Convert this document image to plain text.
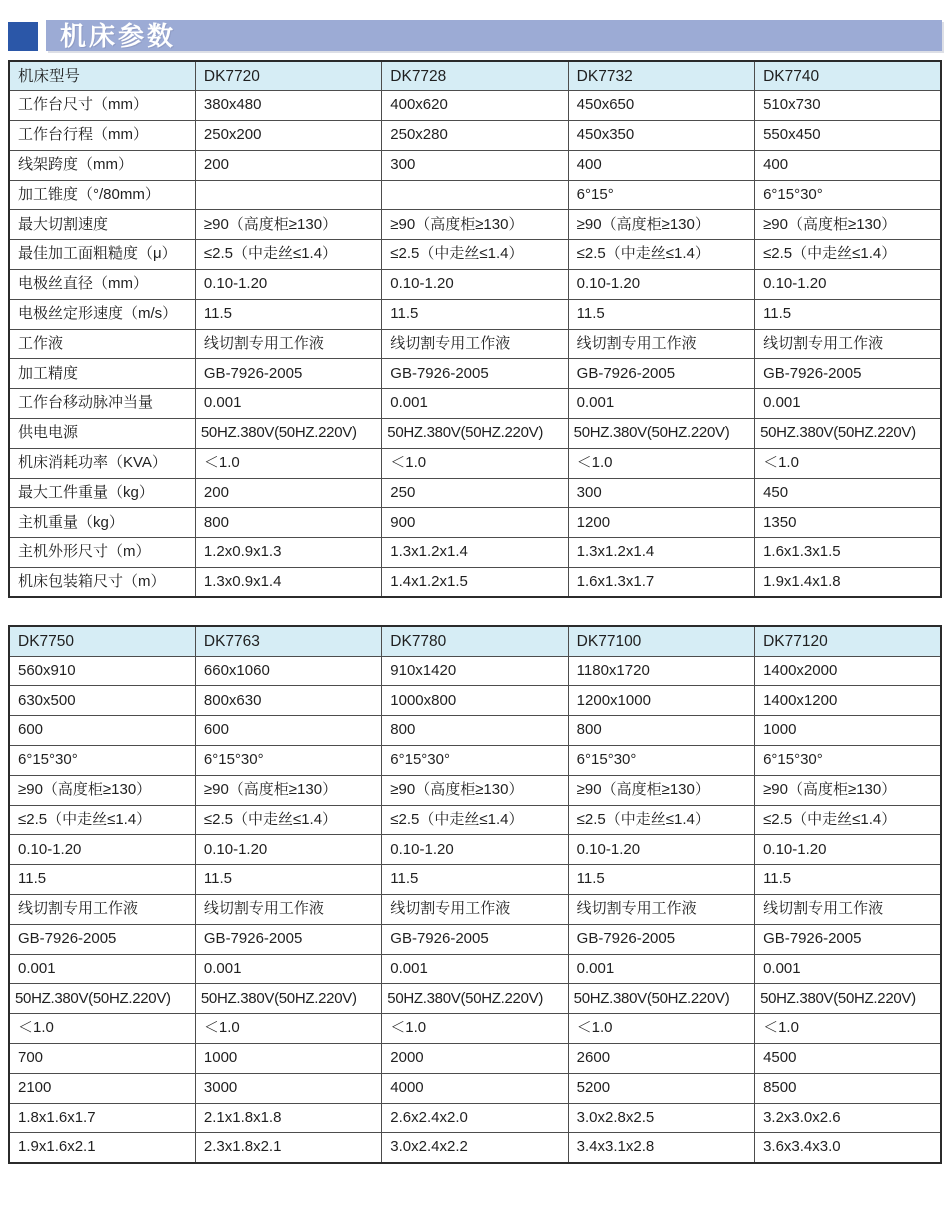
机床参数
机床型号	DK7720	DK7728	DK7732	DK7740
工作台尺寸（mm）	380x480	400x620	450x650	510x730
工作台行程（mm）	250x200	250x280	450x350	550x450
线架跨度（mm）	200	300	400	400
加工锥度（°/80mm）			6°15°	6°15°30°
最大切割速度	≥90（高度柜≥130）	≥90（高度柜≥130）	≥90（高度柜≥130）	≥90（高度柜≥130）
最佳加工面粗糙度（μ）	≤2.5（中走丝≤1.4）	≤2.5（中走丝≤1.4）	≤2.5（中走丝≤1.4）	≤2.5（中走丝≤1.4）
电极丝直径（mm）	0.10-1.20	0.10-1.20	0.10-1.20	0.10-1.20
电极丝定形速度（m/s）	11.5	11.5	11.5	11.5
工作液	线切割专用工作液	线切割专用工作液	线切割专用工作液	线切割专用工作液
加工精度	GB-7926-2005	GB-7926-2005	GB-7926-2005	GB-7926-2005
工作台移动脉冲当量	0.001	0.001	0.001	0.001
供电电源	50HZ.380V(50HZ.220V)	50HZ.380V(50HZ.220V)	50HZ.380V(50HZ.220V)	50HZ.380V(50HZ.220V)
机床消耗功率（KVA）	＜1.0	＜1.0	＜1.0	＜1.0
最大工件重量（kg）	200	250	300	450
主机重量（kg）	800	900	1200	1350
主机外形尺寸（m）	1.2x0.9x1.3	1.3x1.2x1.4	1.3x1.2x1.4	1.6x1.3x1.5
机床包装箱尺寸（m）	1.3x0.9x1.4	1.4x1.2x1.5	1.6x1.3x1.7	1.9x1.4x1.8
DK7750	DK7763	DK7780	DK77100	DK77120
560x910	660x1060	910x1420	1180x1720	1400x2000
630x500	800x630	1000x800	1200x1000	1400x1200
600	600	800	800	1000
6°15°30°	6°15°30°	6°15°30°	6°15°30°	6°15°30°
≥90（高度柜≥130）	≥90（高度柜≥130）	≥90（高度柜≥130）	≥90（高度柜≥130）	≥90（高度柜≥130）
≤2.5（中走丝≤1.4）	≤2.5（中走丝≤1.4）	≤2.5（中走丝≤1.4）	≤2.5（中走丝≤1.4）	≤2.5（中走丝≤1.4）
0.10-1.20	0.10-1.20	0.10-1.20	0.10-1.20	0.10-1.20
11.5	11.5	11.5	11.5	11.5
线切割专用工作液	线切割专用工作液	线切割专用工作液	线切割专用工作液	线切割专用工作液
GB-7926-2005	GB-7926-2005	GB-7926-2005	GB-7926-2005	GB-7926-2005
0.001	0.001	0.001	0.001	0.001
50HZ.380V(50HZ.220V)	50HZ.380V(50HZ.220V)	50HZ.380V(50HZ.220V)	50HZ.380V(50HZ.220V)	50HZ.380V(50HZ.220V)
＜1.0	＜1.0	＜1.0	＜1.0	＜1.0
700	1000	2000	2600	4500
2100	3000	4000	5200	8500
1.8x1.6x1.7	2.1x1.8x1.8	2.6x2.4x2.0	3.0x2.8x2.5	3.2x3.0x2.6
1.9x1.6x2.1	2.3x1.8x2.1	3.0x2.4x2.2	3.4x3.1x2.8	3.6x3.4x3.0
